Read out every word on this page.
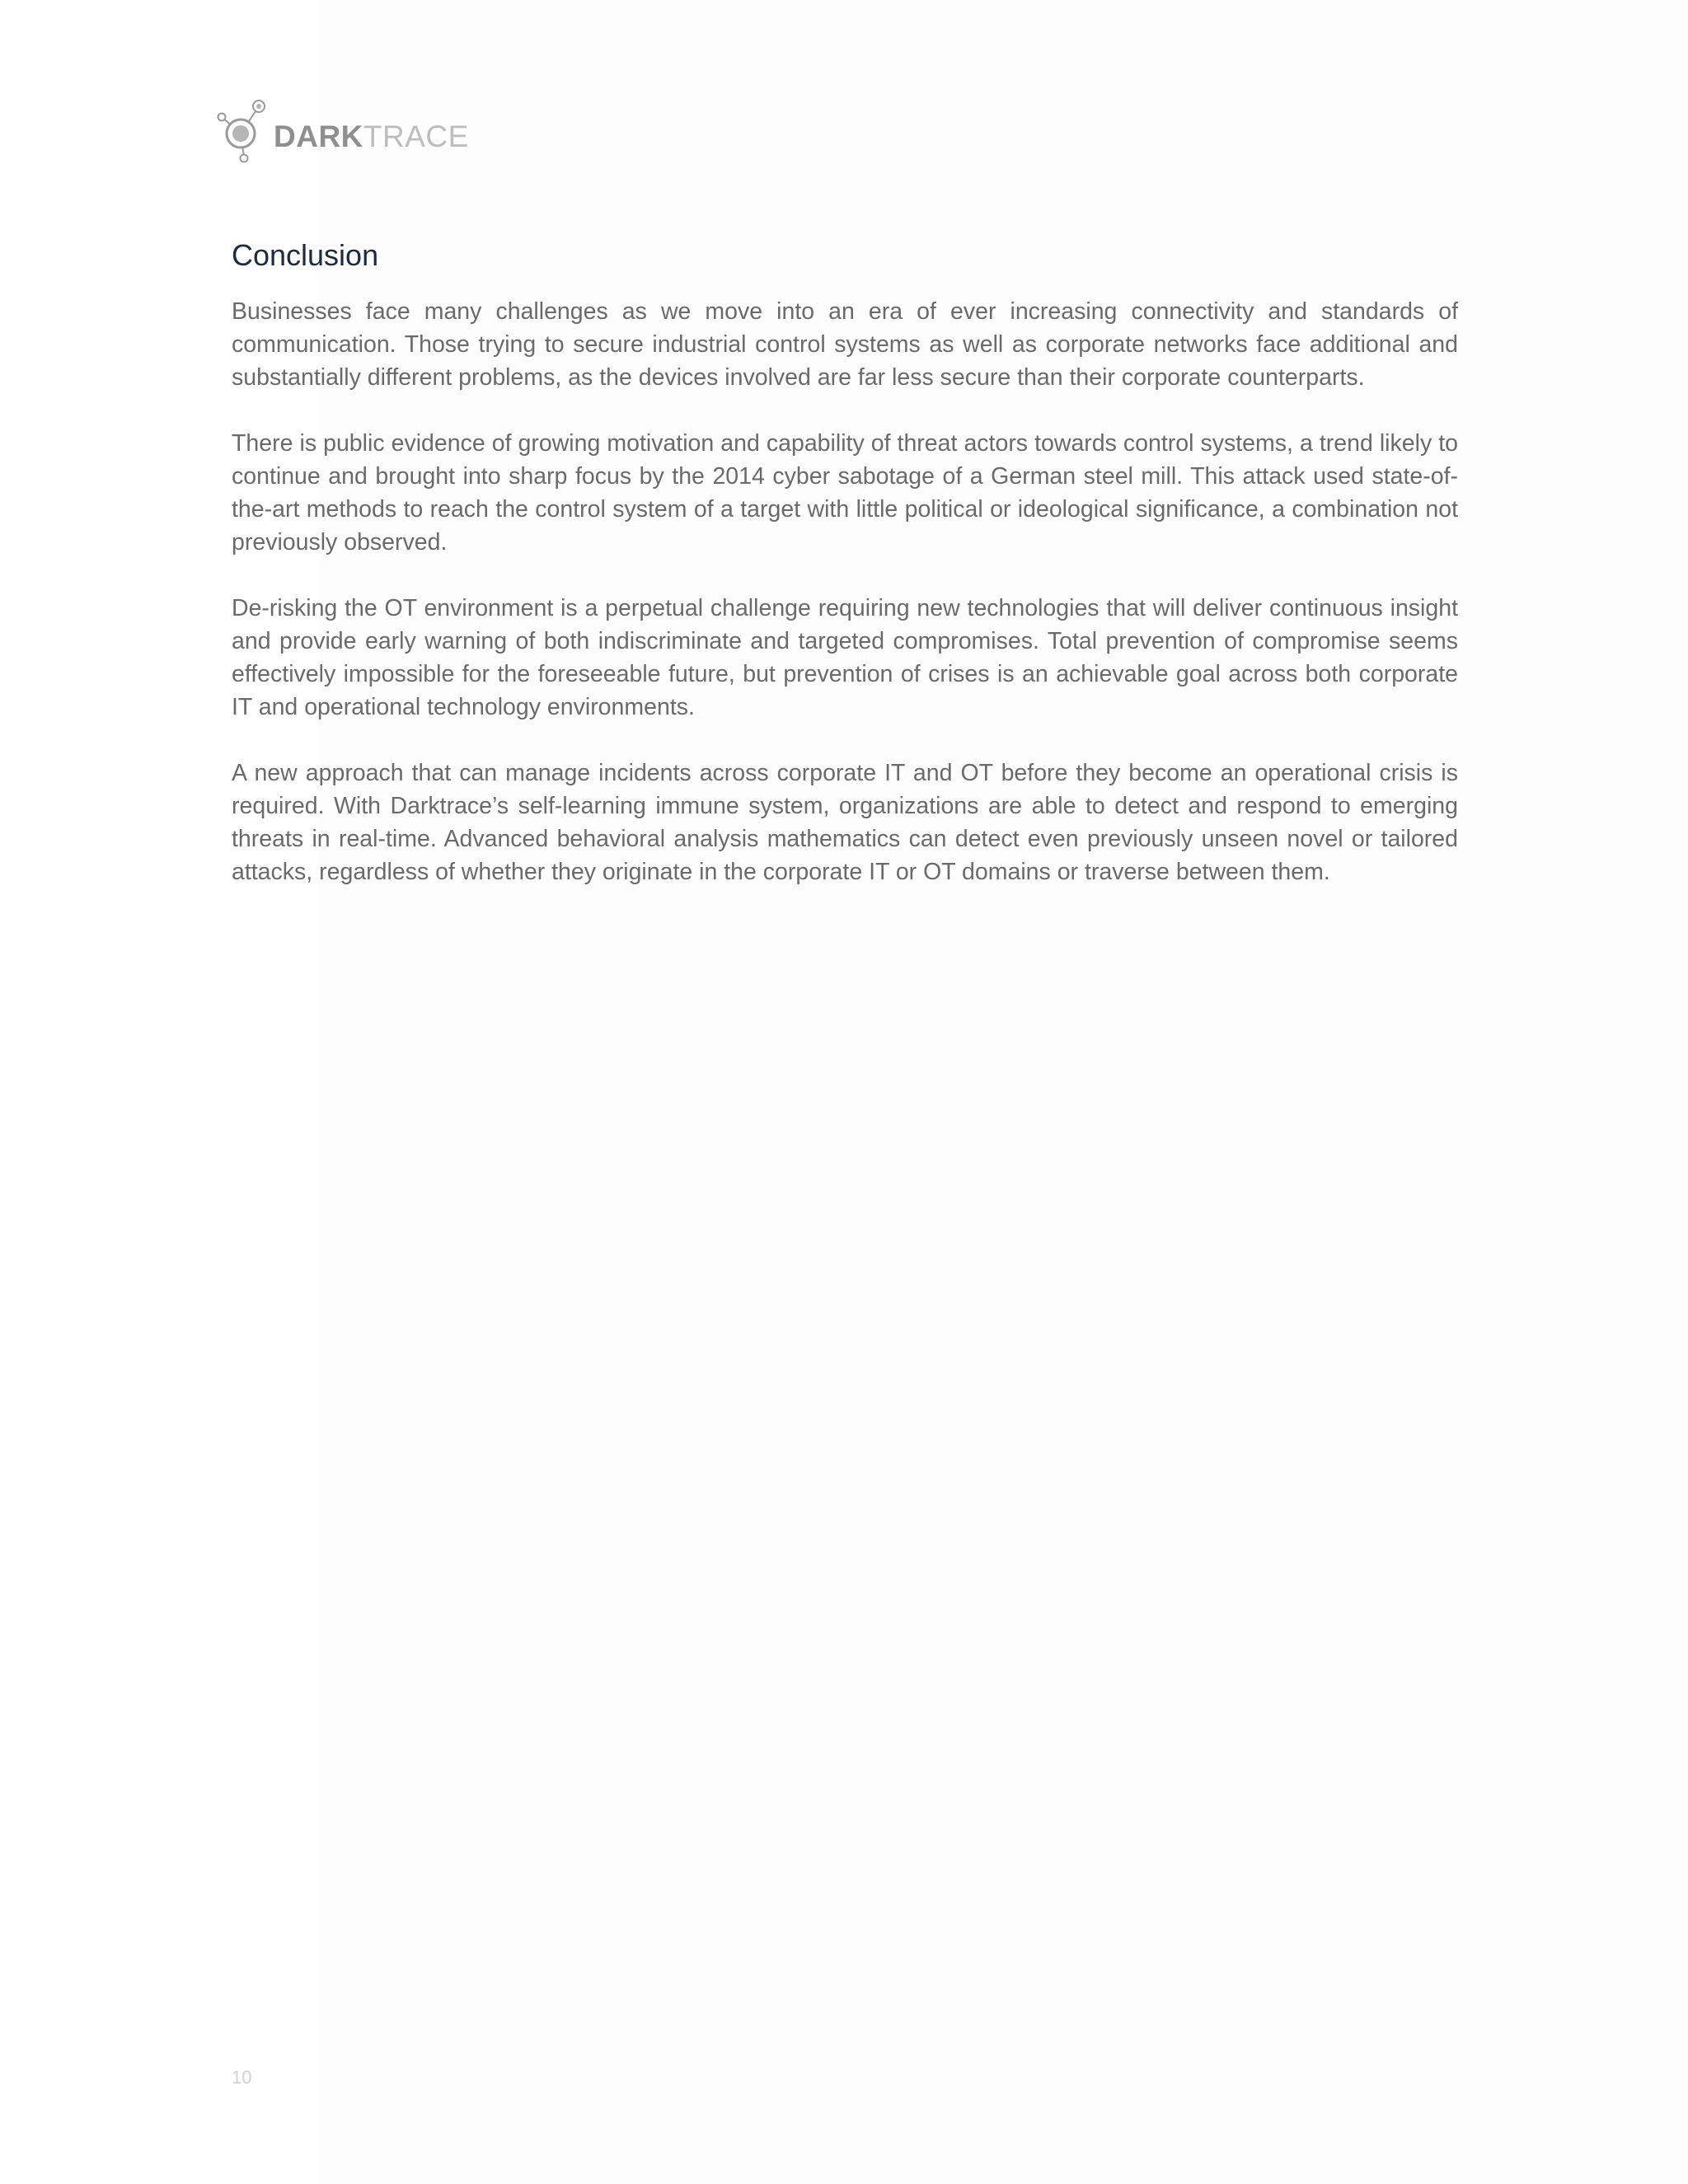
DARKTRACE
Conclusion

Businesses face many challenges as we move into an era of ever increasing connectivity and standards of communication. Those trying to secure industrial control systems as well as corporate networks face additional and substantially different problems, as the devices involved are far less secure than their corporate counterparts.

There is public evidence of growing motivation and capability of threat actors towards control systems, a trend likely to continue and brought into sharp focus by the 2014 cyber sabotage of a German steel mill. This attack used state-of-the-art methods to reach the control system of a target with little political or ideological significance, a combination not previously observed.

De-risking the OT environment is a perpetual challenge requiring new technologies that will deliver continuous insight and provide early warning of both indiscriminate and targeted compromises. Total prevention of compromise seems effectively impossible for the foreseeable future, but prevention of crises is an achievable goal across both corporate IT and operational technology environments.

A new approach that can manage incidents across corporate IT and OT before they become an operational crisis is required. With Darktrace’s self-learning immune system, organizations are able to detect and respond to emerging threats in real-time. Advanced behavioral analysis mathematics can detect even previously unseen novel or tailored attacks, regardless of whether they originate in the corporate IT or OT domains or traverse between them.

10
